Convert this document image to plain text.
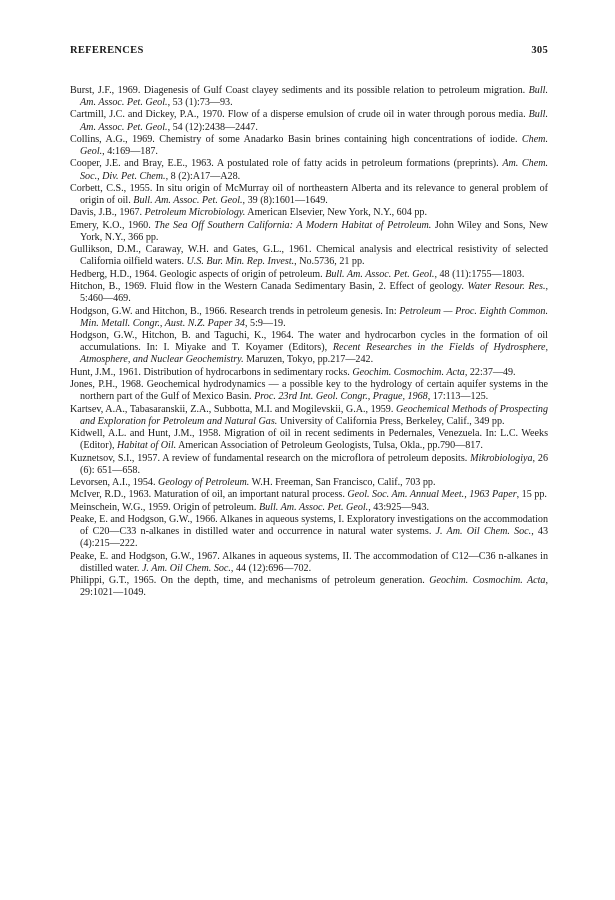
REFERENCES	305
Burst, J.F., 1969. Diagenesis of Gulf Coast clayey sediments and its possible relation to petroleum migration. Bull. Am. Assoc. Pet. Geol., 53 (1):73—93.
Cartmill, J.C. and Dickey, P.A., 1970. Flow of a disperse emulsion of crude oil in water through porous media. Bull. Am. Assoc. Pet. Geol., 54 (12):2438—2447.
Collins, A.G., 1969. Chemistry of some Anadarko Basin brines containing high concentrations of iodide. Chem. Geol., 4:169—187.
Cooper, J.E. and Bray, E.E., 1963. A postulated role of fatty acids in petroleum formations (preprints). Am. Chem. Soc., Div. Pet. Chem., 8 (2):A17—A28.
Corbett, C.S., 1955. In situ origin of McMurray oil of northeastern Alberta and its relevance to general problem of origin of oil. Bull. Am. Assoc. Pet. Geol., 39 (8):1601—1649.
Davis, J.B., 1967. Petroleum Microbiology. American Elsevier, New York, N.Y., 604 pp.
Emery, K.O., 1960. The Sea Off Southern California: A Modern Habitat of Petroleum. John Wiley and Sons, New York, N.Y., 366 pp.
Gullikson, D.M., Caraway, W.H. and Gates, G.L., 1961. Chemical analysis and electrical resistivity of selected California oilfield waters. U.S. Bur. Min. Rep. Invest., No.5736, 21 pp.
Hedberg, H.D., 1964. Geologic aspects of origin of petroleum. Bull. Am. Assoc. Pet. Geol., 48 (11):1755—1803.
Hitchon, B., 1969. Fluid flow in the Western Canada Sedimentary Basin, 2. Effect of geology. Water Resour. Res., 5:460—469.
Hodgson, G.W. and Hitchon, B., 1966. Research trends in petroleum genesis. In: Petroleum — Proc. Eighth Common. Min. Metall. Congr., Aust. N.Z. Paper 34, 5:9—19.
Hodgson, G.W., Hitchon, B. and Taguchi, K., 1964. The water and hydrocarbon cycles in the formation of oil accumulations. In: I. Miyake and T. Koyamer (Editors), Recent Researches in the Fields of Hydrosphere, Atmosphere, and Nuclear Geochemistry. Maruzen, Tokyo, pp.217—242.
Hunt, J.M., 1961. Distribution of hydrocarbons in sedimentary rocks. Geochim. Cosmochim. Acta, 22:37—49.
Jones, P.H., 1968. Geochemical hydrodynamics — a possible key to the hydrology of certain aquifer systems in the northern part of the Gulf of Mexico Basin. Proc. 23rd Int. Geol. Congr., Prague, 1968, 17:113—125.
Kartsev, A.A., Tabasaranskii, Z.A., Subbotta, M.I. and Mogilevskii, G.A., 1959. Geochemical Methods of Prospecting and Exploration for Petroleum and Natural Gas. University of California Press, Berkeley, Calif., 349 pp.
Kidwell, A.L. and Hunt, J.M., 1958. Migration of oil in recent sediments in Pedernales, Venezuela. In: L.C. Weeks (Editor), Habitat of Oil. American Association of Petroleum Geologists, Tulsa, Okla., pp.790—817.
Kuznetsov, S.I., 1957. A review of fundamental research on the microflora of petroleum deposits. Mikrobiologiya, 26 (6): 651—658.
Levorsen, A.I., 1954. Geology of Petroleum. W.H. Freeman, San Francisco, Calif., 703 pp.
McIver, R.D., 1963. Maturation of oil, an important natural process. Geol. Soc. Am. Annual Meet., 1963 Paper, 15 pp.
Meinschein, W.G., 1959. Origin of petroleum. Bull. Am. Assoc. Pet. Geol., 43:925—943.
Peake, E. and Hodgson, G.W., 1966. Alkanes in aqueous systems, I. Exploratory investigations on the accommodation of C20—C33 n-alkanes in distilled water and occurrence in natural water systems. J. Am. Oil Chem. Soc., 43 (4):215—222.
Peake, E. and Hodgson, G.W., 1967. Alkanes in aqueous systems, II. The accommodation of C12—C36 n-alkanes in distilled water. J. Am. Oil Chem. Soc., 44 (12):696—702.
Philippi, G.T., 1965. On the depth, time, and mechanisms of petroleum generation. Geochim. Cosmochim. Acta, 29:1021—1049.
